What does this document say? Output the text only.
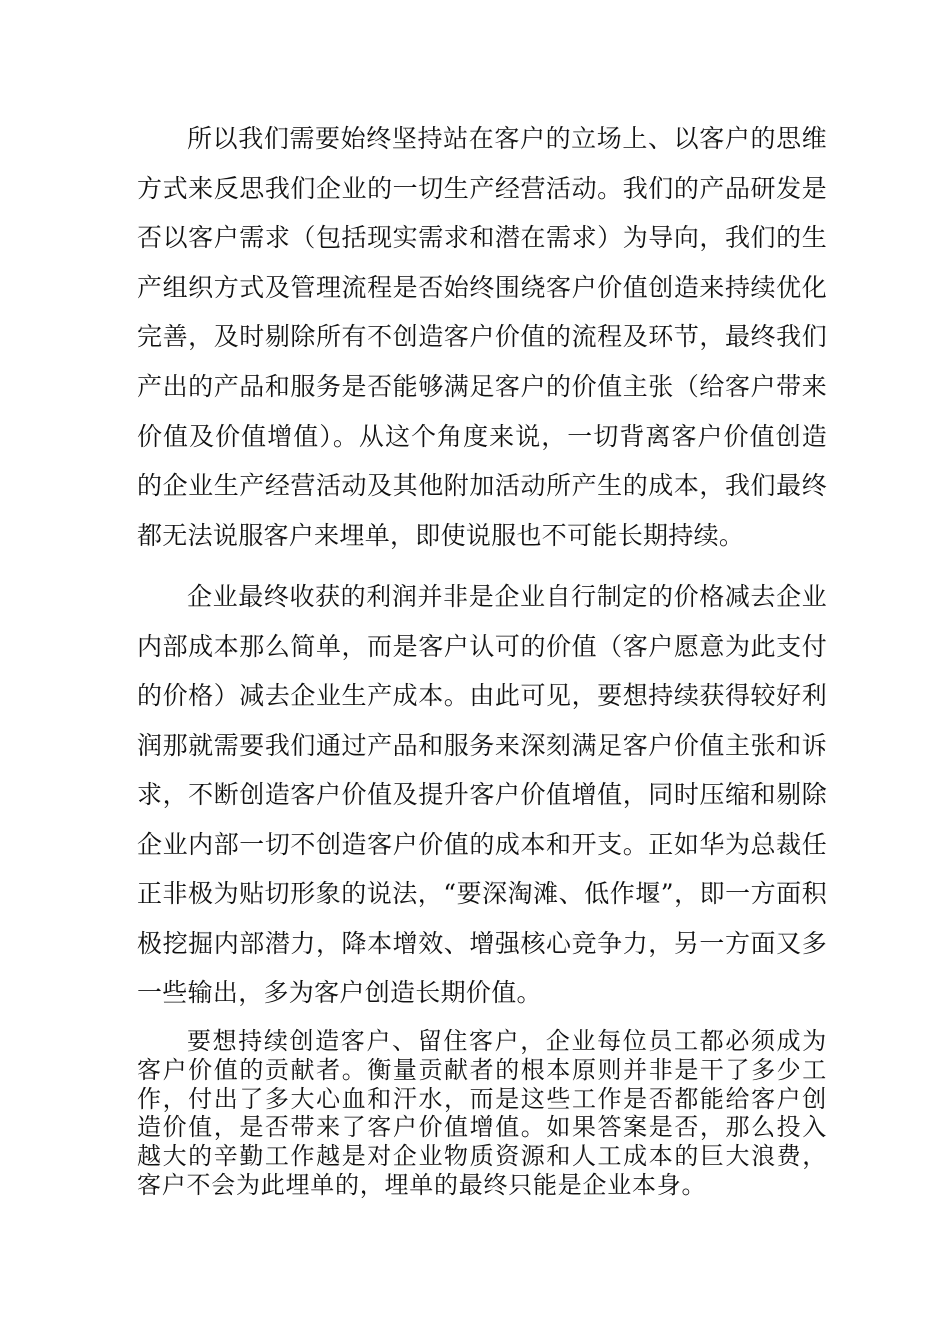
所以我们需要始终坚持站在客户的立场上、以客户的思维方式来反思我们企业的一切生产经营活动。我们的产品研发是否以客户需求（包括现实需求和潜在需求）为导向，我们的生产组织方式及管理流程是否始终围绕客户价值创造来持续优化完善，及时剔除所有不创造客户价值的流程及环节，最终我们产出的产品和服务是否能够满足客户的价值主张（给客户带来价值及价值增值）。从这个角度来说，一切背离客户价值创造的企业生产经营活动及其他附加活动所产生的成本，我们最终都无法说服客户来埋单，即使说服也不可能长期持续。

企业最终收获的利润并非是企业自行制定的价格减去企业内部成本那么简单，而是客户认可的价值（客户愿意为此支付的价格）减去企业生产成本。由此可见，要想持续获得较好利润那就需要我们通过产品和服务来深刻满足客户价值主张和诉求，不断创造客户价值及提升客户价值增值，同时压缩和剔除企业内部一切不创造客户价值的成本和开支。正如华为总裁任正非极为贴切形象的说法，“要深淘滩、低作堰”，即一方面积极挖掘内部潜力，降本增效、增强核心竞争力，另一方面又多一些输出，多为客户创造长期价值。

要想持续创造客户、留住客户，企业每位员工都必须成为客户价值的贡献者。衡量贡献者的根本原则并非是干了多少工作，付出了多大心血和汗水，而是这些工作是否都能给客户创造价值，是否带来了客户价值增值。如果答案是否，那么投入越大的辛勤工作越是对企业物质资源和人工成本的巨大浪费，客户不会为此埋单的，埋单的最终只能是企业本身。
